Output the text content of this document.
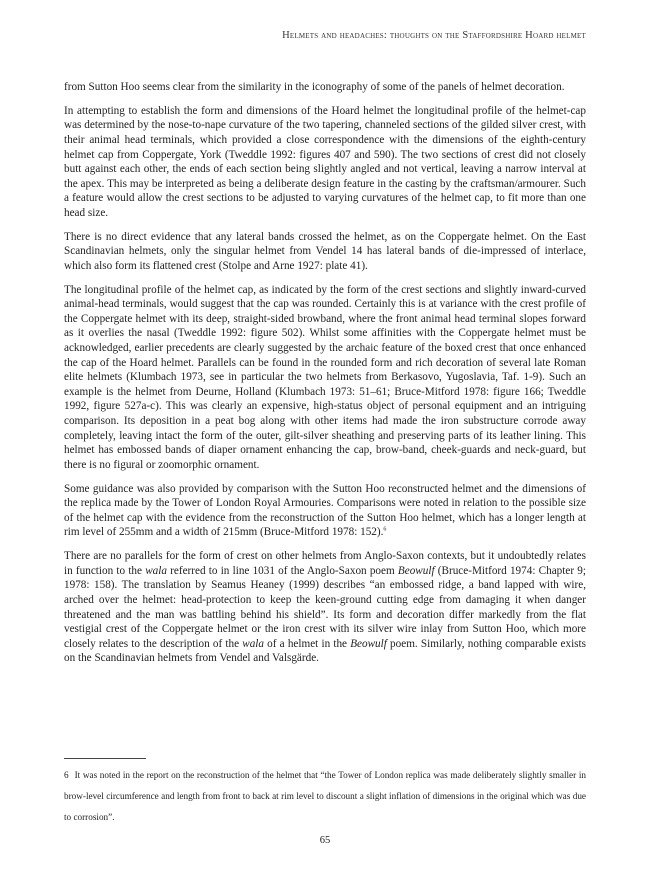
Helmets and headaches: thoughts on the Staffordshire Hoard helmet

from Sutton Hoo seems clear from the similarity in the iconography of some of the panels of helmet decoration.

In attempting to establish the form and dimensions of the Hoard helmet the longitudinal profile of the helmet-cap was determined by the nose-to-nape curvature of the two tapering, channeled sections of the gilded silver crest, with their animal head terminals, which provided a close correspondence with the dimensions of the eighth-century helmet cap from Coppergate, York (Tweddle 1992: figures 407 and 590). The two sections of crest did not closely butt against each other, the ends of each section being slightly angled and not vertical, leaving a narrow interval at the apex. This may be interpreted as being a deliberate design feature in the casting by the craftsman/armourer. Such a feature would allow the crest sections to be adjusted to varying curvatures of the helmet cap, to fit more than one head size.

There is no direct evidence that any lateral bands crossed the helmet, as on the Coppergate helmet. On the East Scandinavian helmets, only the singular helmet from Vendel 14 has lateral bands of die-impressed of interlace, which also form its flattened crest (Stolpe and Arne 1927: plate 41).

The longitudinal profile of the helmet cap, as indicated by the form of the crest sections and slightly inward-curved animal-head terminals, would suggest that the cap was rounded. Certainly this is at variance with the crest profile of the Coppergate helmet with its deep, straight-sided browband, where the front animal head terminal slopes forward as it overlies the nasal (Tweddle 1992: figure 502). Whilst some affinities with the Coppergate helmet must be acknowledged, earlier precedents are clearly suggested by the archaic feature of the boxed crest that once enhanced the cap of the Hoard helmet. Parallels can be found in the rounded form and rich decoration of several late Roman elite helmets (Klumbach 1973, see in particular the two helmets from Berkasovo, Yugoslavia, Taf. 1-9). Such an example is the helmet from Deurne, Holland (Klumbach 1973: 51–61; Bruce-Mitford 1978: figure 166; Tweddle 1992, figure 527a-c). This was clearly an expensive, high-status object of personal equipment and an intriguing comparison. Its deposition in a peat bog along with other items had made the iron substructure corrode away completely, leaving intact the form of the outer, gilt-silver sheathing and preserving parts of its leather lining. This helmet has embossed bands of diaper ornament enhancing the cap, brow-band, cheek-guards and neck-guard, but there is no figural or zoomorphic ornament.

Some guidance was also provided by comparison with the Sutton Hoo reconstructed helmet and the dimensions of the replica made by the Tower of London Royal Armouries. Comparisons were noted in relation to the possible size of the helmet cap with the evidence from the reconstruction of the Sutton Hoo helmet, which has a longer length at rim level of 255mm and a width of 215mm (Bruce-Mitford 1978: 152).$^6$

There are no parallels for the form of crest on other helmets from Anglo-Saxon contexts, but it undoubtedly relates in function to the wala referred to in line 1031 of the Anglo-Saxon poem Beowulf (Bruce-Mitford 1974: Chapter 9; 1978: 158). The translation by Seamus Heaney (1999) describes “an embossed ridge, a band lapped with wire, arched over the helmet: head-protection to keep the keen-ground cutting edge from damaging it when danger threatened and the man was battling behind his shield”. Its form and decoration differ markedly from the flat vestigial crest of the Coppergate helmet or the iron crest with its silver wire inlay from Sutton Hoo, which more closely relates to the description of the wala of a helmet in the Beowulf poem. Similarly, nothing comparable exists on the Scandinavian helmets from Vendel and Valsgärde.

6 It was noted in the report on the reconstruction of the helmet that “the Tower of London replica was made deliberately slightly smaller in brow-level circumference and length from front to back at rim level to discount a slight inflation of dimensions in the original which was due to corrosion”.

65
